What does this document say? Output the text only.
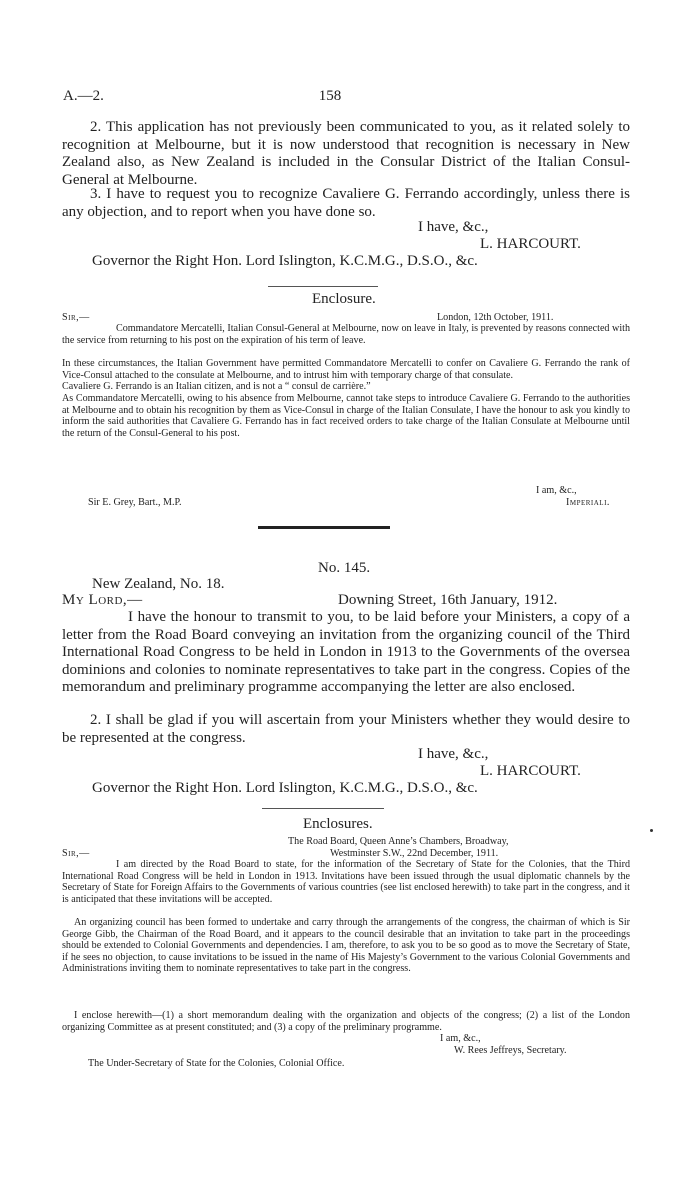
A.—2.	158

2. This application has not previously been communicated to you, as it related solely to recognition at Melbourne, but it is now understood that recognition is necessary in New Zealand also, as New Zealand is included in the Consular District of the Italian Consul-General at Melbourne.

3. I have to request you to recognize Cavaliere G. Ferrando accordingly, unless there is any objection, and to report when you have done so.

I have, &c.,

L. HARCOURT.

Governor the Right Hon. Lord Islington, K.C.M.G., D.S.O., &c.

Enclosure.

Sir,—	London, 12th October, 1911.

Commandatore Mercatelli, Italian Consul-General at Melbourne, now on leave in Italy, is prevented by reasons connected with the service from returning to his post on the expiration of his term of leave.

In these circumstances, the Italian Government have permitted Commandatore Mercatelli to confer on Cavaliere G. Ferrando the rank of Vice-Consul attached to the consulate at Melbourne, and to intrust him with temporary charge of that consulate.

Cavaliere G. Ferrando is an Italian citizen, and is not a “ consul de carrière.”

As Commandatore Mercatelli, owing to his absence from Melbourne, cannot take steps to introduce Cavaliere G. Ferrando to the authorities at Melbourne and to obtain his recognition by them as Vice-Consul in charge of the Italian Consulate, I have the honour to ask you kindly to inform the said authorities that Cavaliere G. Ferrando has in fact received orders to take charge of the Italian Consulate at Melbourne until the return of the Consul-General to his post.

I am, &c.,

Sir E. Grey, Bart., M.P.	Imperiali.

No. 145.

New Zealand, No. 18.

My Lord,—	Downing Street, 16th January, 1912.

I have the honour to transmit to you, to be laid before your Ministers, a copy of a letter from the Road Board conveying an invitation from the organizing council of the Third International Road Congress to be held in London in 1913 to the Governments of the oversea dominions and colonies to nominate representatives to take part in the congress. Copies of the memorandum and preliminary programme accompanying the letter are also enclosed.

2. I shall be glad if you will ascertain from your Ministers whether they would desire to be represented at the congress.

I have, &c.,

L. HARCOURT.

Governor the Right Hon. Lord Islington, K.C.M.G., D.S.O., &c.

Enclosures.

The Road Board, Queen Anne’s Chambers, Broadway,

Sir,—	Westminster S.W., 22nd December, 1911.

I am directed by the Road Board to state, for the information of the Secretary of State for the Colonies, that the Third International Road Congress will be held in London in 1913. Invitations have been issued through the usual diplomatic channels by the Secretary of State for Foreign Affairs to the Governments of various countries (see list enclosed herewith) to take part in the congress, and it is anticipated that these invitations will be accepted.

An organizing council has been formed to undertake and carry through the arrangements of the congress, the chairman of which is Sir George Gibb, the Chairman of the Road Board, and it appears to the council desirable that an invitation to take part in the proceedings should be extended to Colonial Governments and dependencies. I am, therefore, to ask you to be so good as to move the Secretary of State, if he sees no objection, to cause invitations to be issued in the name of His Majesty’s Government to the various Colonial Governments and Administrations inviting them to nominate representatives to take part in the congress.

I enclose herewith—(1) a short memorandum dealing with the organization and objects of the congress; (2) a list of the London organizing Committee as at present constituted; and (3) a copy of the preliminary programme.

I am, &c.,

W. Rees Jeffreys, Secretary.

The Under-Secretary of State for the Colonies, Colonial Office.
